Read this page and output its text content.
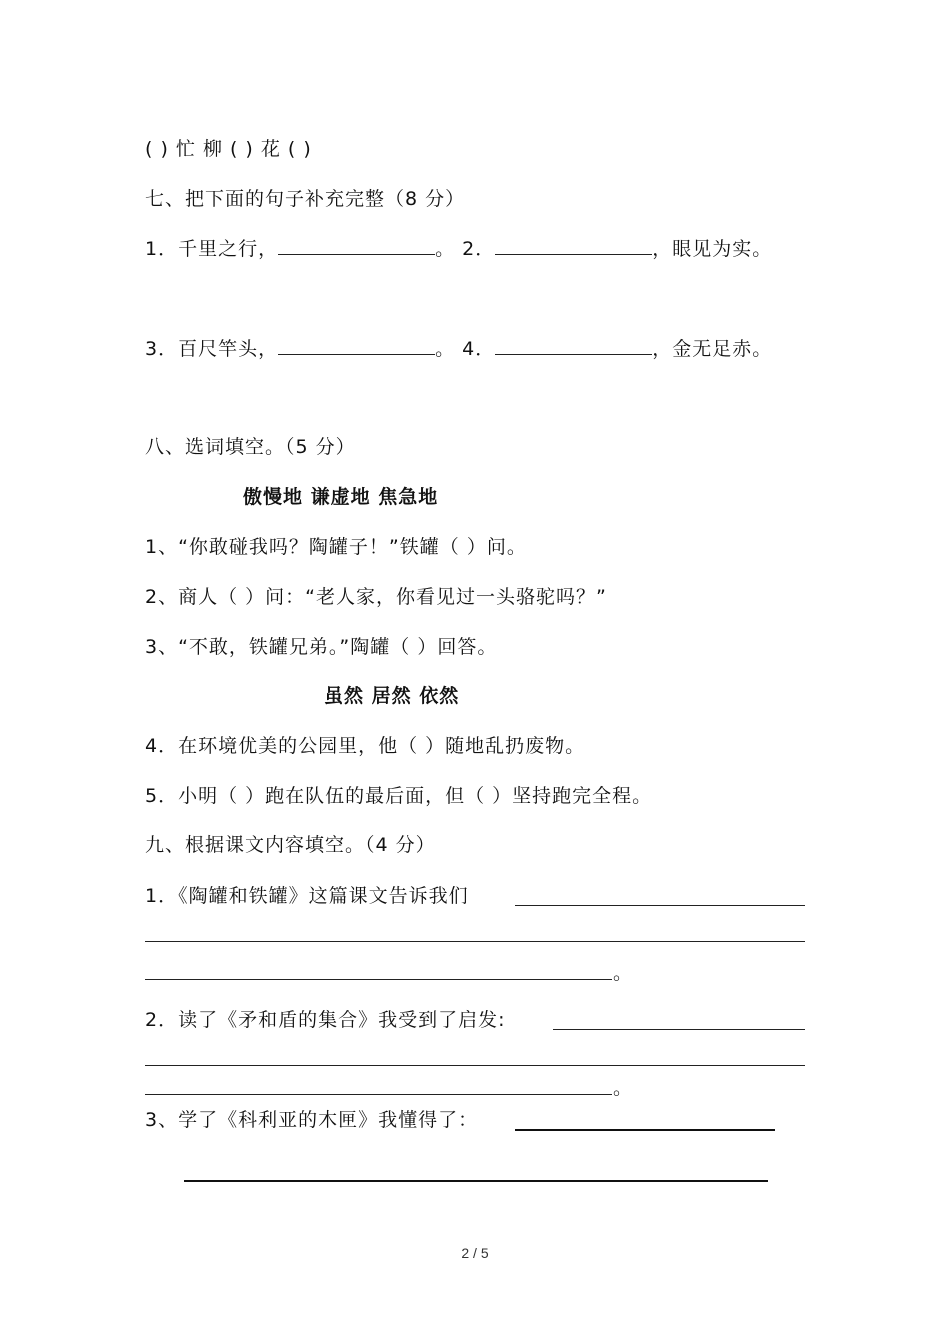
( ) 忙 柳 ( ) 花 ( )
七、把下面的句子补充完整（8 分）
1．千里之行，	。 2．	，眼见为实。
3．百尺竿头，	。 4．	，金无足赤。
八、选词填空。（5 分）
傲慢地 谦虚地 焦急地
1、“你敢碰我吗？陶罐子！”铁罐（ ）问。
2、商人（ ）问：“老人家，你看见过一头骆驼吗？”
3、“不敢，铁罐兄弟。”陶罐（ ）回答。
虽然 居然 依然
4．在环境优美的公园里，他（ ）随地乱扔废物。
5．小明（ ）跑在队伍的最后面，但（ ）坚持跑完全程。
九、根据课文内容填空。（4 分）
1．《陶罐和铁罐》这篇课文告诉我们
。
2．读了《矛和盾的集合》我受到了启发:
。
3、学了《科利亚的木匣》我懂得了：
2 / 5
